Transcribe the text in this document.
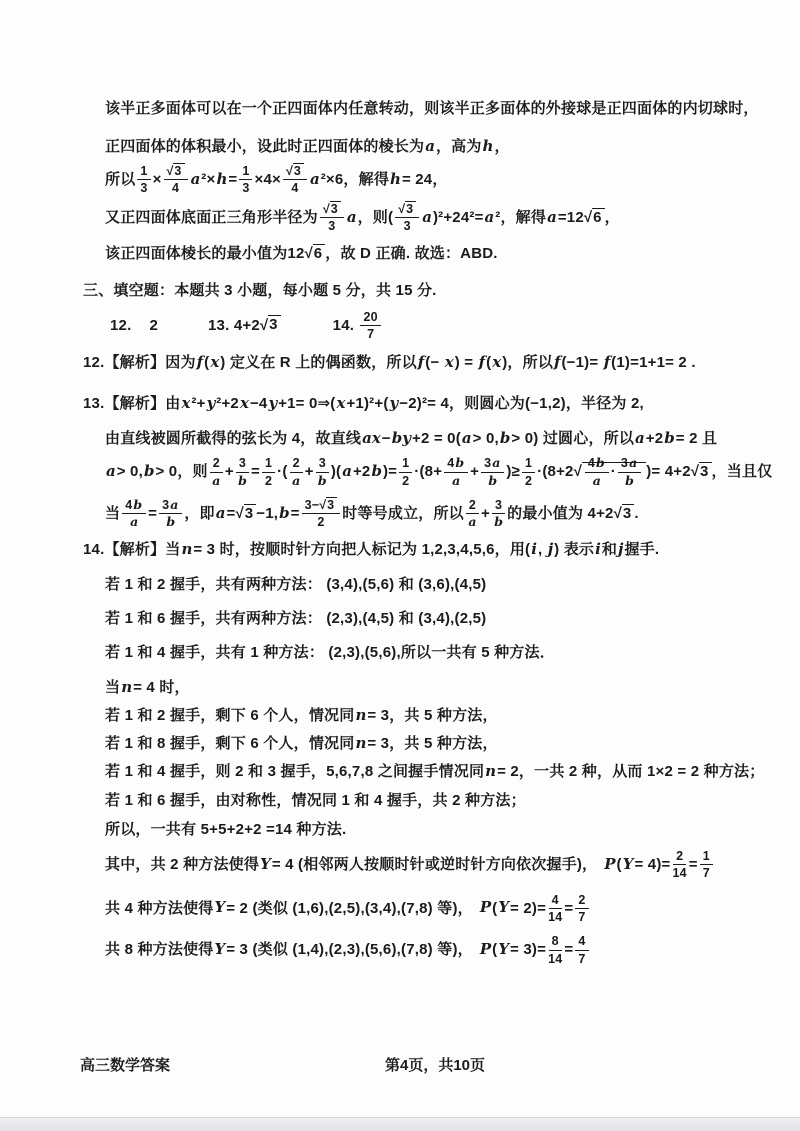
该半正多面体可以在一个正四面体内任意转动，则该半正多面体的外接球是正四面体的内切球时，
正四面体的体积最小，设此时正四面体的棱长为a，高为h，
所以 $\frac{1}{3} \times \frac{√3}{4} a^2\times h= \frac{1}{3} \times 4\times \frac{√3}{4} a^2\times 6$，解得h= 24，
又正四面体底面正三角形半径为 $\frac{√3}{3}$ a，则( $\frac{√3}{3} a)^2+24^2=a^2$，解得a=12√6 ，
该正四面体棱长的最小值为12√6 ，故 D 正确. 故选：ABD.
三、填空题：本题共 3 小题，每小题 5 分，共 15 分.
12. 2	13. 4+2√3	14. $\frac{20}{7}$
12.【解析】因为f(x) 定义在 R 上的偶函数，所以f(− x) = f(x)，所以f(−1)= f(1)=1+1= 2 .
13.【解析】由x²+y²+2x−4y+1= 0⇒(x+1)²+(y−2)²= 4，则圆心为(−1,2)，半径为 2,
由直线被圆所截得的弦长为 4，故直线ax−by+2 = 0(a> 0,b> 0) 过圆心，所以a+2b= 2 且
a> 0,b> 0，则 $\frac{2}{a} + \frac{3}{b} = \frac{1}{2}$ ·( $\frac{2}{a} + \frac{3}{b} )(a+2b)= \frac{1}{2} \cdot(8+ \frac{4b}{a} + \frac{3a}{b}$ )≥ $\frac{1}{2} \cdot(8+2√ \frac{4b}{a} \cdot \frac{3a}{b}$ )= 4+2√3 ，当且仅
当 $\frac{4b}{a} = \frac{3a}{b}$ ，即$a=√3 -1,b= \frac{3-√3}{2}$ 时等号成立，所以 $\frac{2}{a} + \frac{3}{b}$ 的最小值为 4+2√3 .
14.【解析】当n= 3 时，按顺时针方向把人标记为 1,2,3,4,5,6，用(i, j) 表示i和j握手.
若 1 和 2 握手，共有两种方法： (3,4),(5,6) 和 (3,6),(4,5)
若 1 和 6 握手，共有两种方法： (2,3),(4,5) 和 (3,4),(2,5)
若 1 和 4 握手，共有 1 种方法： (2,3),(5,6),所以一共有 5 种方法．
当n= 4 时，
若 1 和 2 握手，剩下 6 个人，情况同n= 3，共 5 种方法，
若 1 和 8 握手，剩下 6 个人，情况同n= 3，共 5 种方法，
若 1 和 4 握手，则 2 和 3 握手，5,6,7,8 之间握手情况同n= 2，一共 2 种，从而 1×2 = 2 种方法；
若 1 和 6 握手，由对称性，情况同 1 和 4 握手，共 2 种方法；
所以，一共有 5+5+2+2 =14 种方法.
其中，共 2 种方法使得Y= 4 (相邻两人按顺时针或逆时针方向依次握手)， $P(Y= 4)= \frac{2}{14} = \frac{1}{7}$
共 4 种方法使得Y= 2 (类似 (1,6),(2,5),(3,4),(7,8) 等)， $P(Y= 2)= \frac{4}{14} = \frac{2}{7}$
共 8 种方法使得Y= 3 (类似 (1,4),(2,3),(5,6),(7,8) 等)， $P(Y= 3)= \frac{8}{14} = \frac{4}{7}$
高三数学答案	第4页，共10页
